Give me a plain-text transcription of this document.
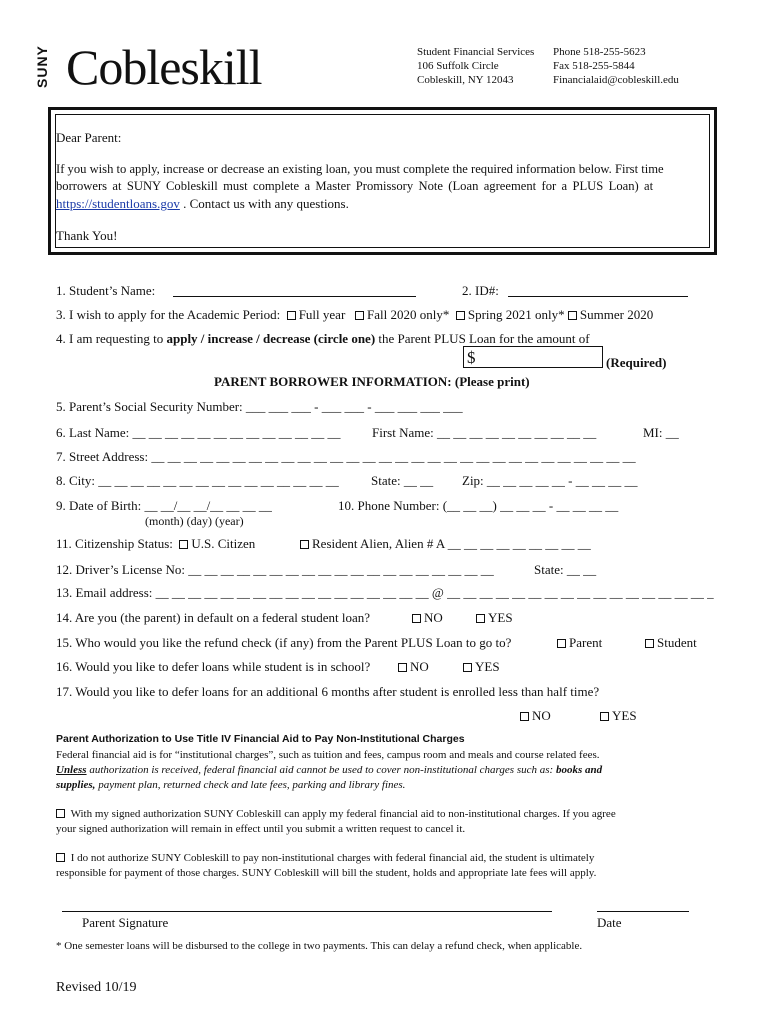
SUNY Cobleskill	Student Financial Services
106 Suffolk Circle
Cobleskill, NY 12043
Phone 518-255-5623
Fax 518-255-5844
Financialaid@cobleskill.edu
Dear Parent:
If you wish to apply, increase or decrease an existing loan, you must complete the required information below. First time
borrowers at SUNY Cobleskill must complete a Master Promissory Note (Loan agreement for a PLUS Loan) at
https://studentloans.gov . Contact us with any questions.
Thank You!
1. Student’s Name:	2. ID#:
3. I wish to apply for the Academic Period: Full year Fall 2020 only* Spring 2021 only* Summer 2020
4. I am requesting to apply / increase / decrease (circle one) the Parent PLUS Loan for the amount of
$	(Required)
PARENT BORROWER INFORMATION: (Please print)
5. Parent’s Social Security Number: ___ ___ ___ - ___ ___ - ___ ___ ___ ___
6. Last Name: __ __ __ __ __ __ __ __ __ __ __ __ __ First Name: __ __ __ __ __ __ __ __ __ __	MI: __
7. Street Address: __ __ __ __ __ __ __ __ __ __ __ __ __ __ __ __ __ __ __ __ __ __ __ __ __ __ __ __ __ __
8. City: __ __ __ __ __ __ __ __ __ __ __ __ __ __ __ State: __ __ Zip: __ __ __ __ __ - __ __ __ __
9. Date of Birth: __ __/__ __/__ __ __ __
(month) (day) (year)
10. Phone Number: (__ __ __) __ __ __ - __ __ __ __
11. Citizenship Status: U.S. Citizen	Resident Alien, Alien # A __ __ __ __ __ __ __ __ __
12. Driver’s License No: __ __ __ __ __ __ __ __ __ __ __ __ __ __ __ __ __ __ __	State: __ __
13. Email address: __ __ __ __ __ __ __ __ __ __ __ __ __ __ __ __ __ @ __ __ __ __ __ __ __ __ __ __ __ __ __ __ __ __ _
14. Are you (the parent) in default on a federal student loan?	NO	YES
15. Who would you like the refund check (if any) from the Parent PLUS Loan to go to?	Parent	Student
16. Would you like to defer loans while student is in school?	NO	YES
17. Would you like to defer loans for an additional 6 months after student is enrolled less than half time?
NO	YES
Parent Authorization to Use Title IV Financial Aid to Pay Non-Institutional Charges
Federal financial aid is for “institutional charges”, such as tuition and fees, campus room and meals and course related fees.
Unless authorization is received, federal financial aid cannot be used to cover non-institutional charges such as: books and
supplies, payment plan, returned check and late fees, parking and library fines.
With my signed authorization SUNY Cobleskill can apply my federal financial aid to non-institutional charges. If you agree
your signed authorization will remain in effect until you submit a written request to cancel it.
I do not authorize SUNY Cobleskill to pay non-institutional charges with federal financial aid, the student is ultimately
responsible for payment of those charges. SUNY Cobleskill will bill the student, holds and appropriate late fees will apply.
Parent Signature	Date
* One semester loans will be disbursed to the college in two payments. This can delay a refund check, when applicable.
Revised 10/19
